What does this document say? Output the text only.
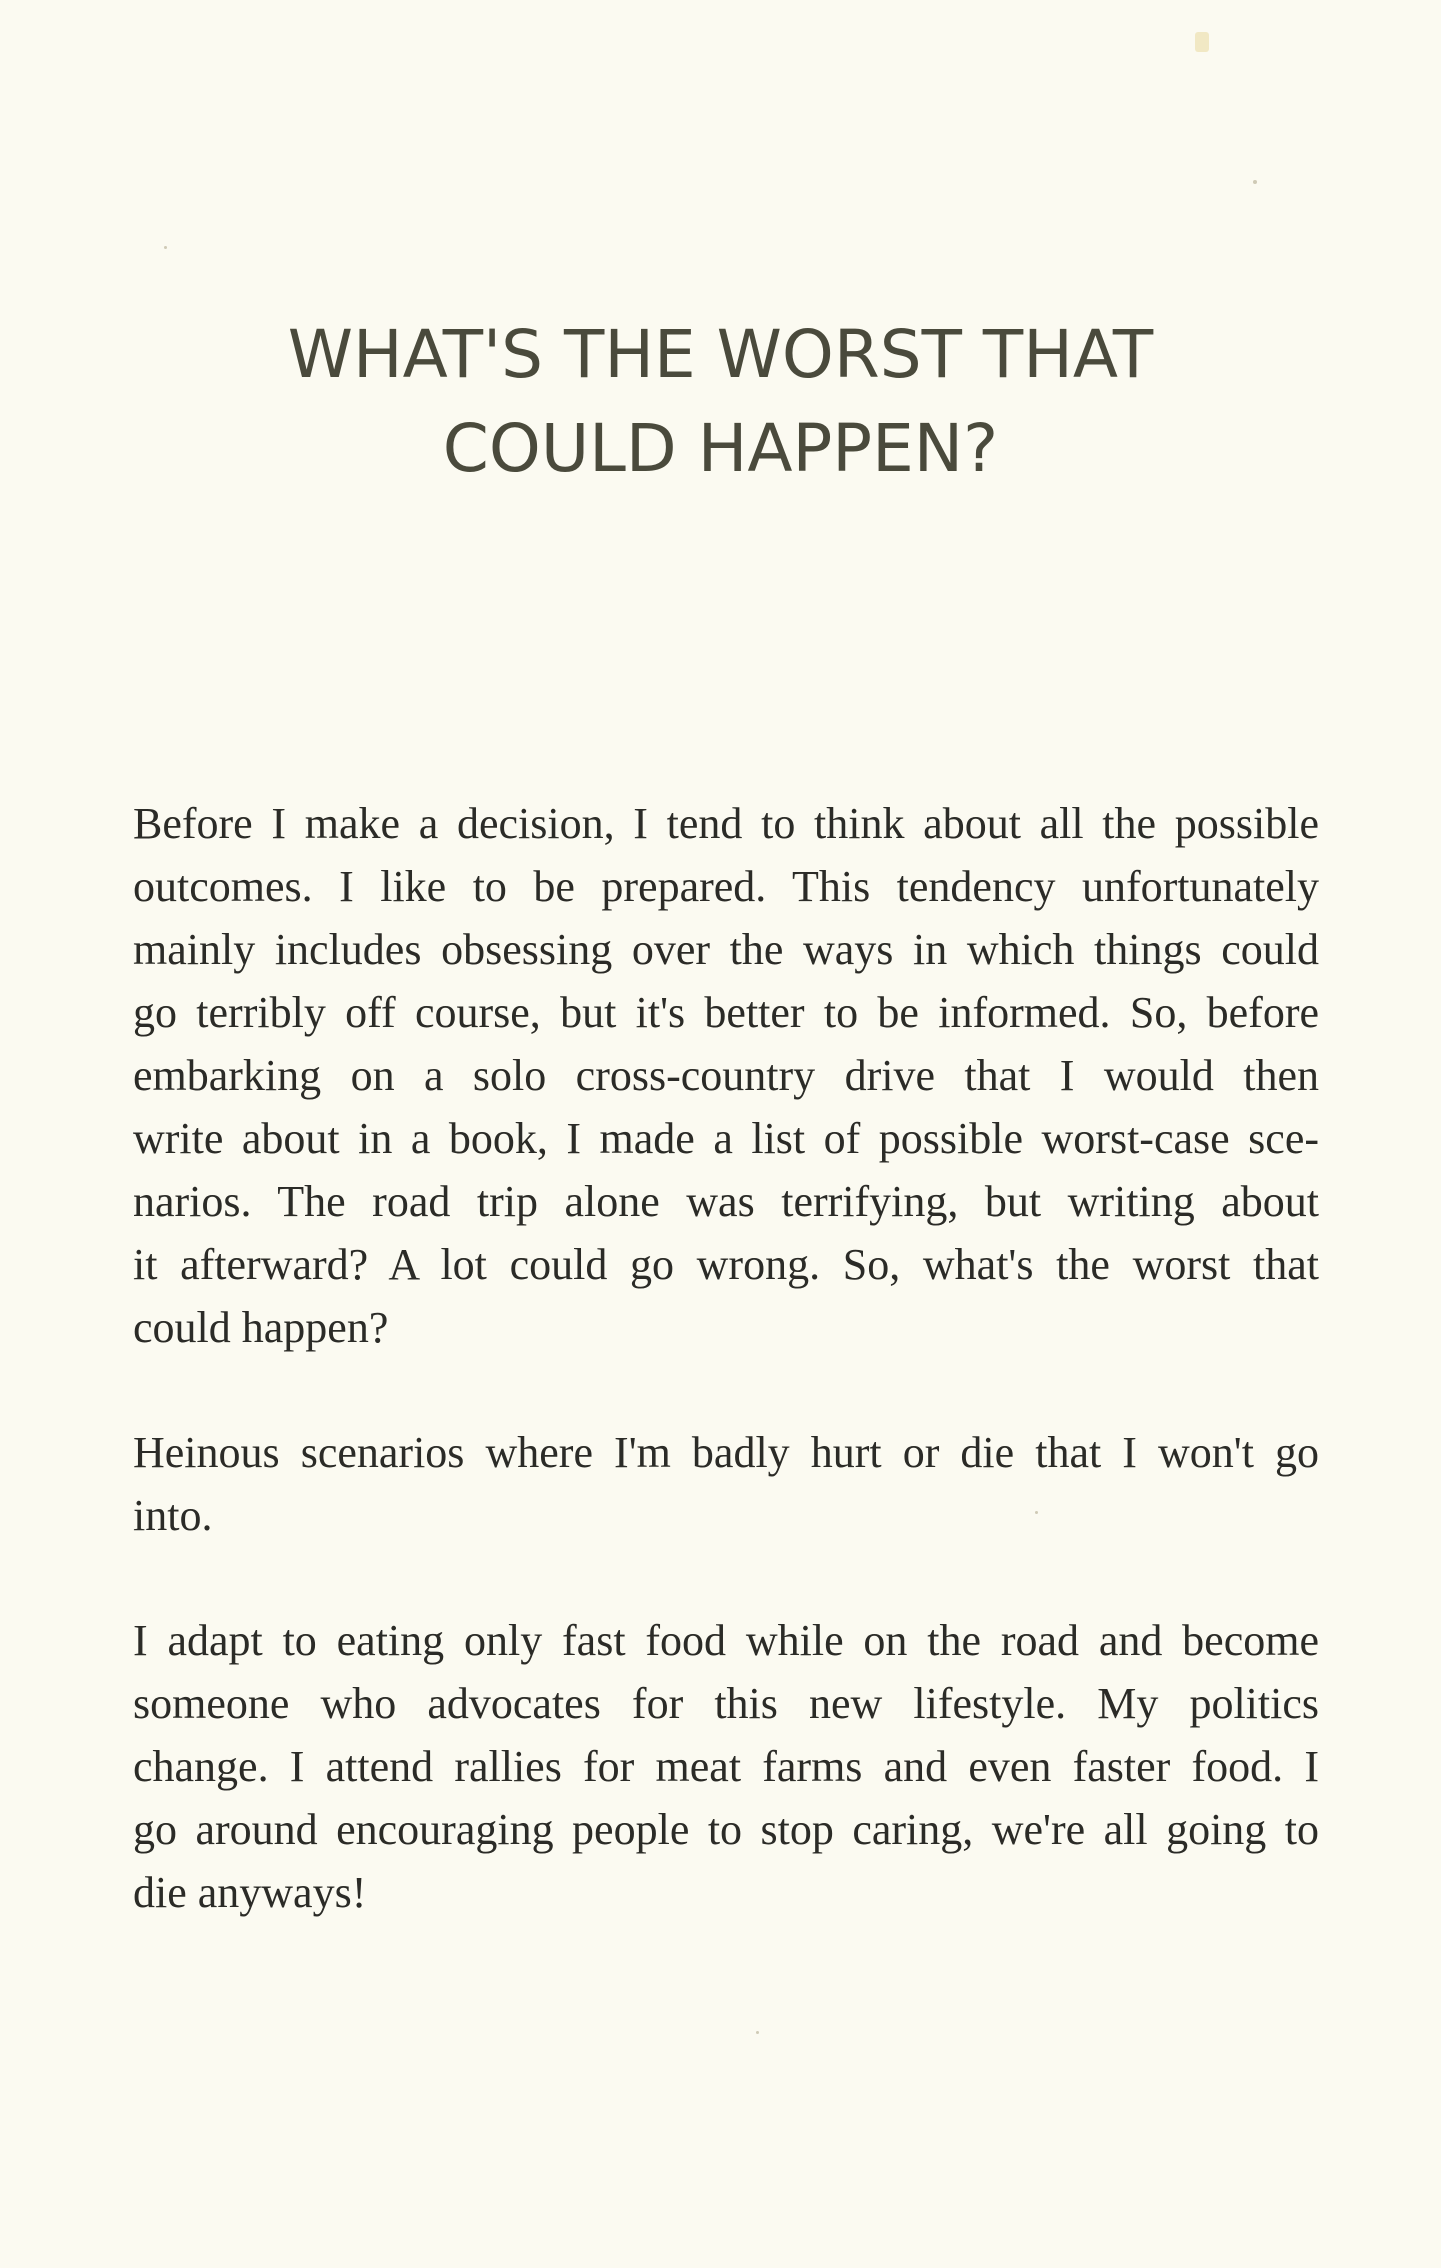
WHAT'S THE WORST THAT
COULD HAPPEN?

Before I make a decision, I tend to think about all the possible
outcomes. I like to be prepared. This tendency unfortunately
mainly includes obsessing over the ways in which things could
go terribly off course, but it's better to be informed. So, before
embarking on a solo cross-country drive that I would then
write about in a book, I made a list of possible worst-case sce-
narios. The road trip alone was terrifying, but writing about
it afterward? A lot could go wrong. So, what's the worst that
could happen?

Heinous scenarios where I'm badly hurt or die that I won't go
into.

I adapt to eating only fast food while on the road and become
someone who advocates for this new lifestyle. My politics
change. I attend rallies for meat farms and even faster food. I
go around encouraging people to stop caring, we're all going to
die anyways!
